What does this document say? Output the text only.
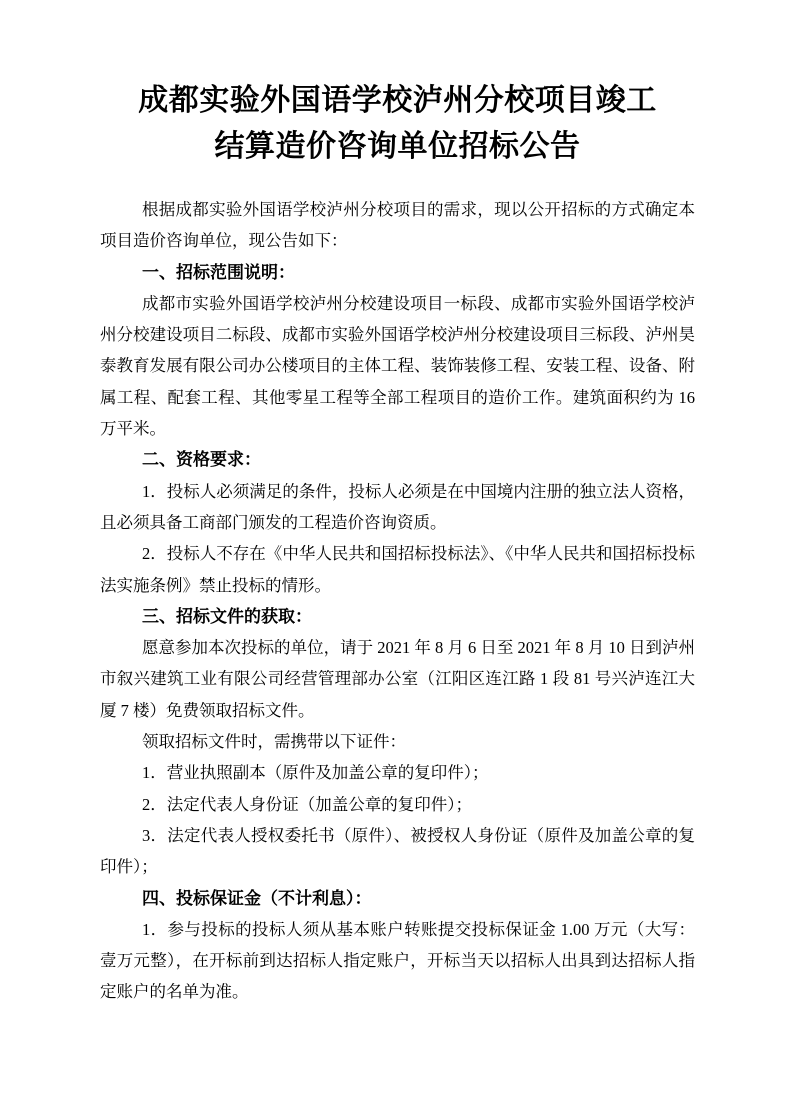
成都实验外国语学校泸州分校项目竣工
结算造价咨询单位招标公告

根据成都实验外国语学校泸州分校项目的需求，现以公开招标的方式确定本项目造价咨询单位，现公告如下：

一、招标范围说明：

成都市实验外国语学校泸州分校建设项目一标段、成都市实验外国语学校泸州分校建设项目二标段、成都市实验外国语学校泸州分校建设项目三标段、泸州昊泰教育发展有限公司办公楼项目的主体工程、装饰装修工程、安装工程、设备、附属工程、配套工程、其他零星工程等全部工程项目的造价工作。建筑面积约为 16 万平米。

二、资格要求：

1．投标人必须满足的条件，投标人必须是在中国境内注册的独立法人资格，且必须具备工商部门颁发的工程造价咨询资质。

2．投标人不存在《中华人民共和国招标投标法》、《中华人民共和国招标投标法实施条例》禁止投标的情形。

三、招标文件的获取：

愿意参加本次投标的单位，请于 2021 年 8 月 6 日至 2021 年 8 月 10 日到泸州市叙兴建筑工业有限公司经营管理部办公室（江阳区连江路 1 段 81 号兴泸连江大厦 7 楼）免费领取招标文件。

领取招标文件时，需携带以下证件：

1．营业执照副本（原件及加盖公章的复印件）；

2．法定代表人身份证（加盖公章的复印件）；

3．法定代表人授权委托书（原件）、被授权人身份证（原件及加盖公章的复印件）；

四、投标保证金（不计利息）：

1．参与投标的投标人须从基本账户转账提交投标保证金 1.00 万元（大写：壹万元整），在开标前到达招标人指定账户，开标当天以招标人出具到达招标人指定账户的名单为准。
